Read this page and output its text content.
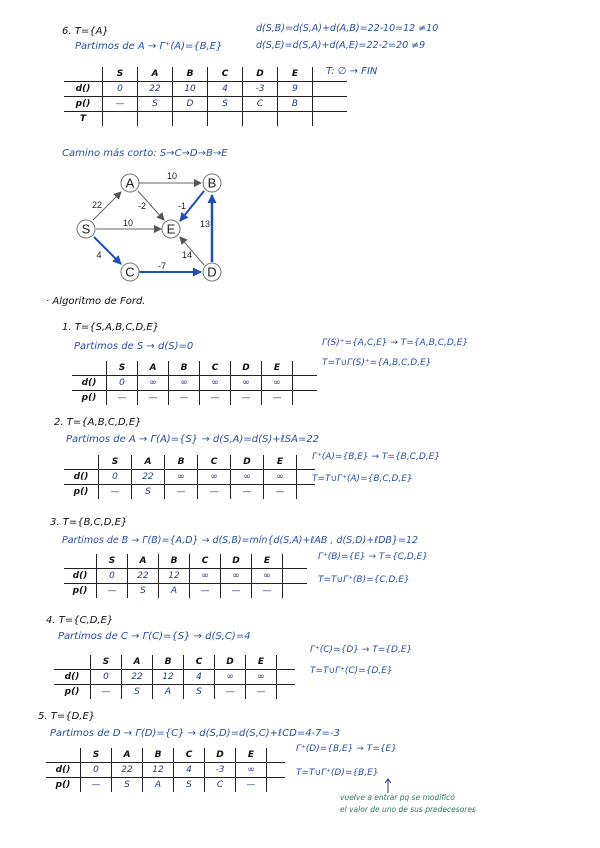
6. T={A}
Partimos de A → Γ⁺(A)={B,E}
d(S,B)=d(S,A)+d(A,B)=22-10=12 ≠10
d(S,E)=d(S,A)+d(A,E)=22-2=20 ≠9
T: ∅ → FIN
	S	A	B	C	D	E	
d()	0	22	10	4	-3	9	
p()	—	S	D	S	C	B	
T							
Camino más corto: S→C→D→B→E
10
22	-2	-1
10	13
4	14
-7
A	B
S	E
C	D
· Algoritmo de Ford.
1. T={S,A,B,C,D,E}
Partimos de S → d(S)=0	Γ(S)⁺={A,C,E} → T={A,B,C,D,E}
T=T∪Γ(S)⁺={A,B,C,D,E}
	S	A	B	C	D	E	
d()	0	∞	∞	∞	∞	∞	
p()	—	—	—	—	—	—	
2. T={A,B,C,D,E}
Partimos de A → Γ(A)={S} → d(S,A)=d(S)+ℓSA=22
Γ⁺(A)={B,E} → T={B,C,D,E}
T=T∪Γ⁺(A)={B,C,D,E}
	S	A	B	C	D	E	
d()	0	22	∞	∞	∞	∞	
p()	—	S	—	—	—	—	
3. T={B,C,D,E}
Partimos de B → Γ(B)={A,D} → d(S,B)=mín{d(S,A)+ℓAB , d(S,D)+ℓDB}=12
Γ⁺(B)={E} → T={C,D,E}
T=T∪Γ⁺(B)={C,D,E}
	S	A	B	C	D	E	
d()	0	22	12	∞	∞	∞	
p()	—	S	A	—	—	—	
4. T={C,D,E}
Partimos de C → Γ(C)={S} → d(S,C)=4
Γ⁺(C)={D} → T={D,E}
T=T∪Γ⁺(C)={D,E}
	S	A	B	C	D	E	
d()	0	22	12	4	∞	∞	
p()	—	S	A	S	—	—	
5. T={D,E}
Partimos de D → Γ(D)={C} → d(S,D)=d(S,C)+ℓCD=4-7=-3
Γ⁺(D)={B,E} → T={E}
T=T∪Γ⁺(D)={B,E}
vuelve a entrar pq se modificó
el valor de uno de sus predecesores
	S	A	B	C	D	E	
d()	0	22	12	4	-3	∞	
p()	—	S	A	S	C	—	
